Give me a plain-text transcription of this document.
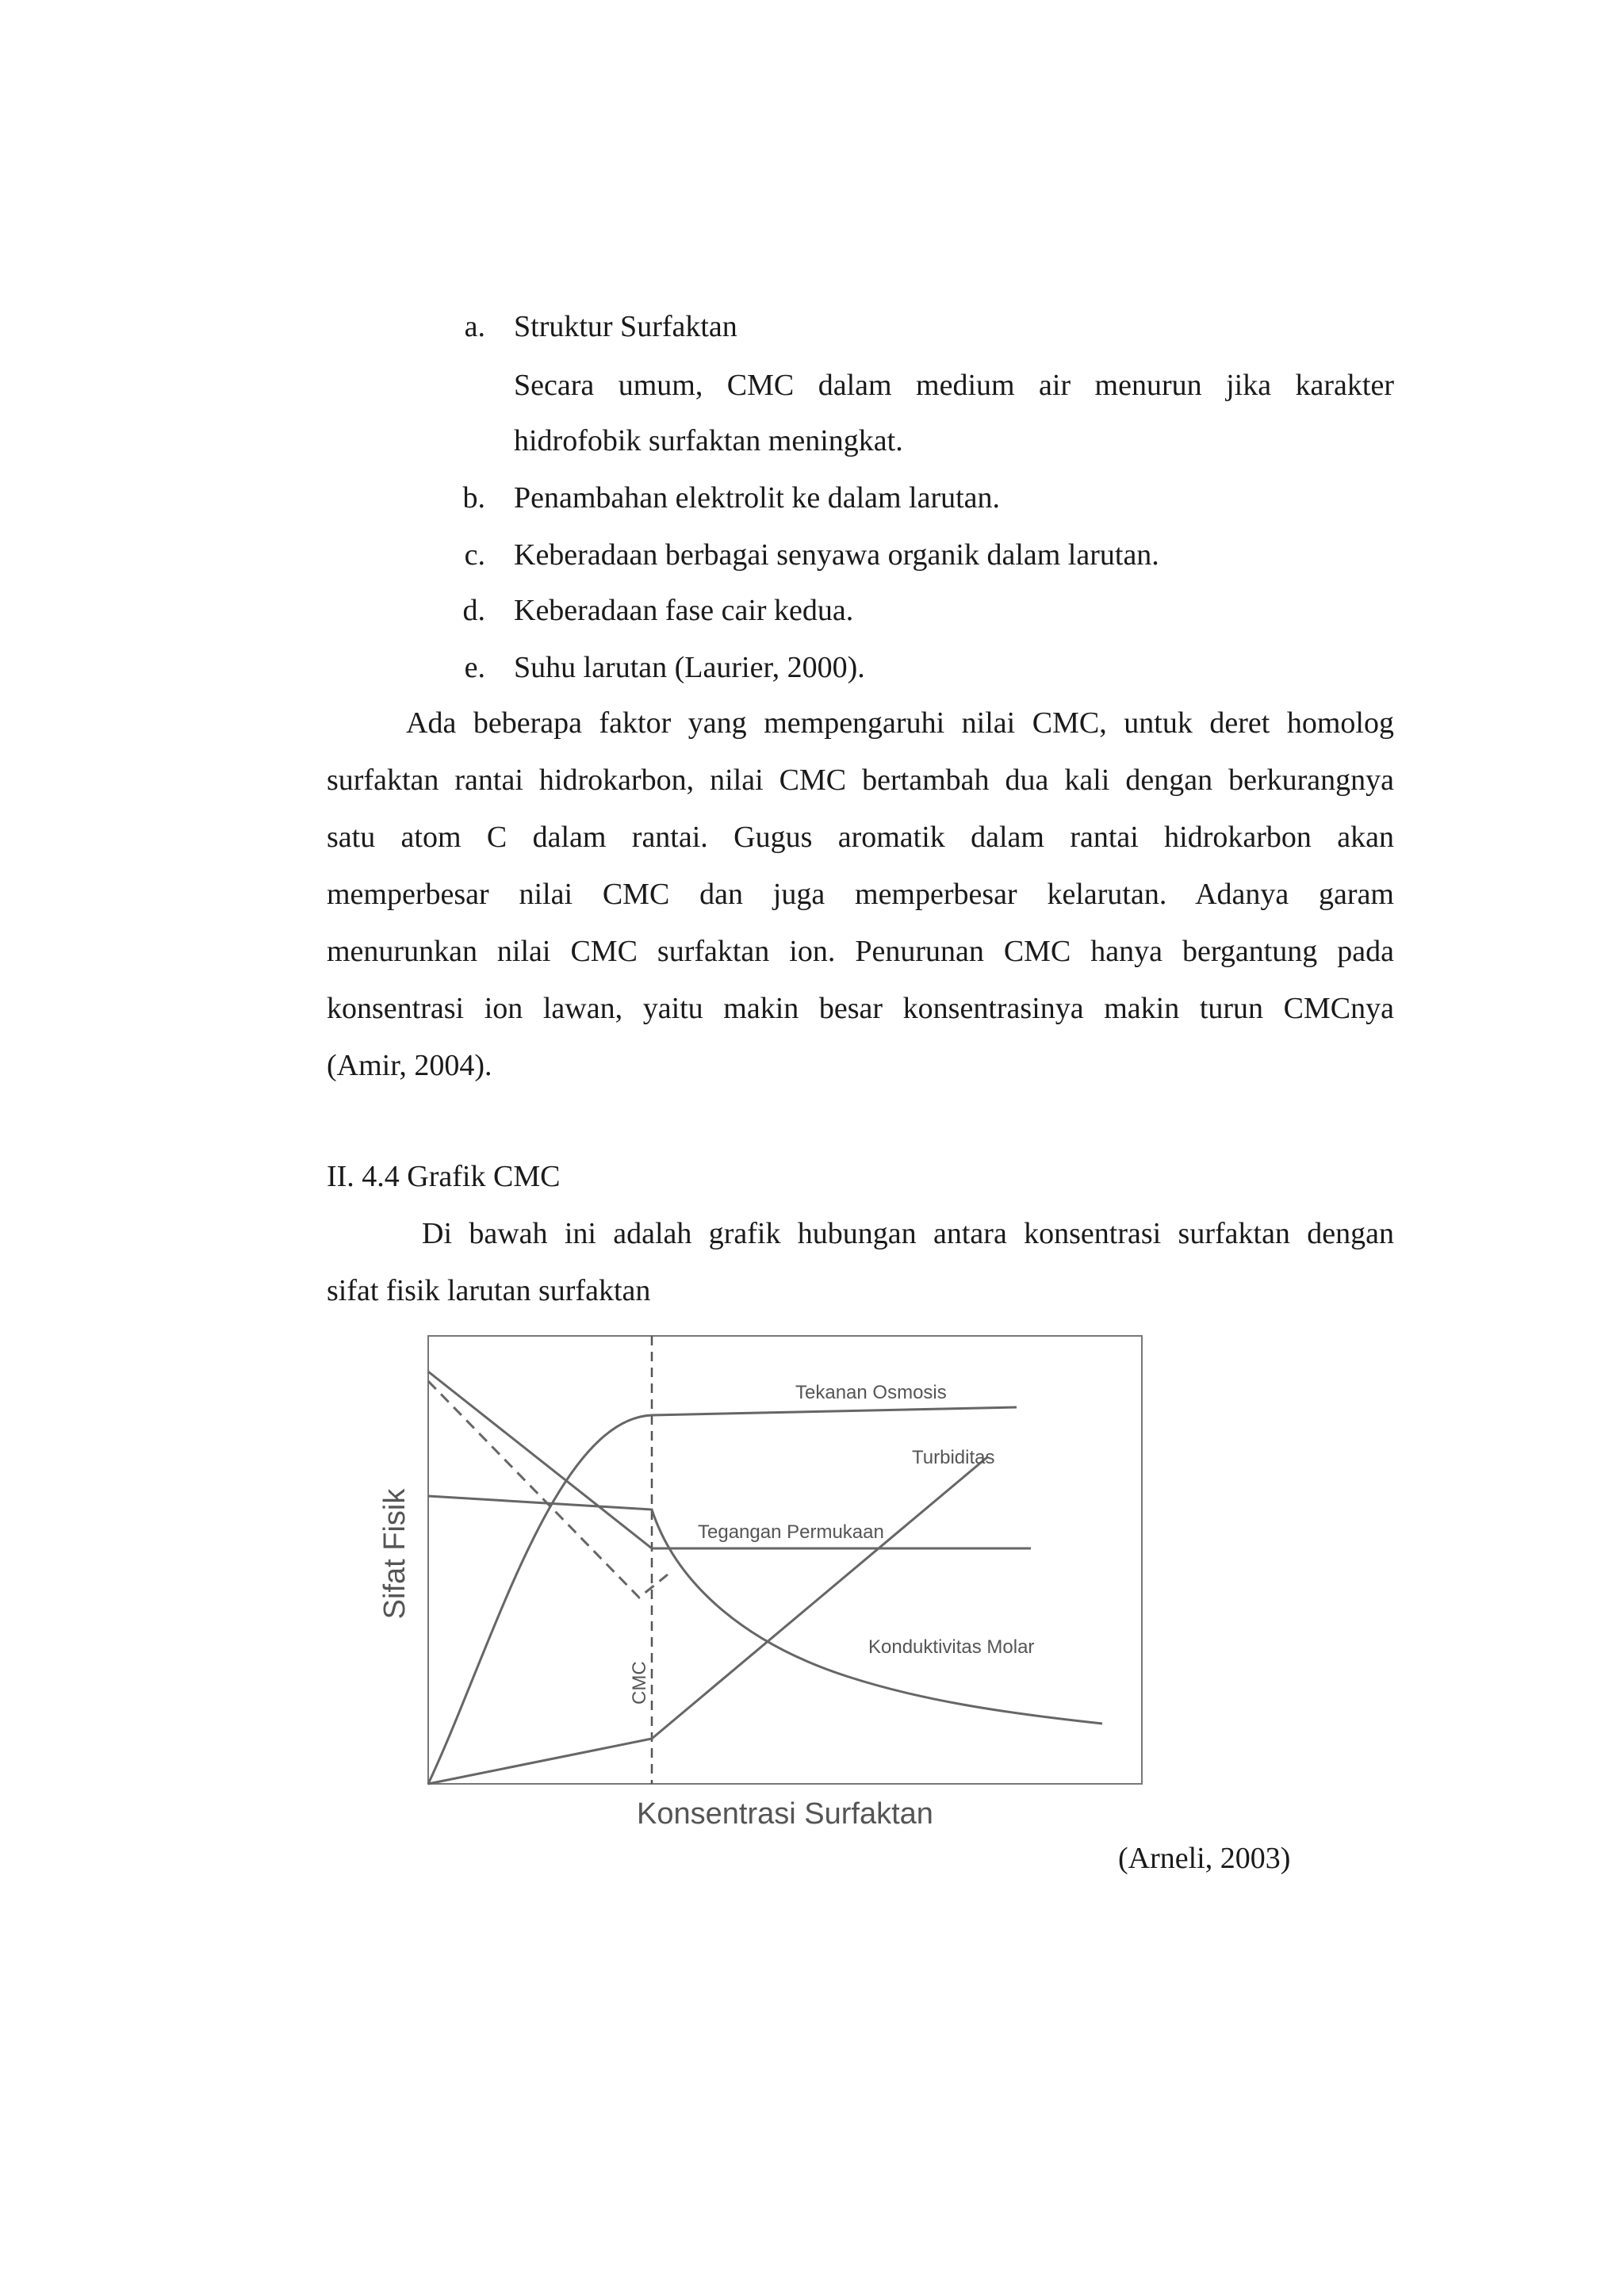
a. Struktur Surfaktan
Secara umum, CMC dalam medium air menurun jika karakter
hidrofobik surfaktan meningkat.
b. Penambahan elektrolit ke dalam larutan.
c. Keberadaan berbagai senyawa organik dalam larutan.
d. Keberadaan fase cair kedua.
e. Suhu larutan (Laurier, 2000).
Ada beberapa faktor yang mempengaruhi nilai CMC, untuk deret homolog
surfaktan rantai hidrokarbon, nilai CMC bertambah dua kali dengan berkurangnya
satu atom C dalam rantai. Gugus aromatik dalam rantai hidrokarbon akan
memperbesar nilai CMC dan juga memperbesar kelarutan. Adanya garam
menurunkan nilai CMC surfaktan ion. Penurunan CMC hanya bergantung pada
konsentrasi ion lawan, yaitu makin besar konsentrasinya makin turun CMCnya
(Amir, 2004).
II. 4.4 Grafik CMC
Di bawah ini adalah grafik hubungan antara konsentrasi surfaktan dengan
sifat fisik larutan surfaktan
Tekanan Osmosis
Turbiditas
Tegangan Permukaan
Konduktivitas Molar
CMC
Sifat Fisik
Konsentrasi Surfaktan
(Arneli, 2003)
